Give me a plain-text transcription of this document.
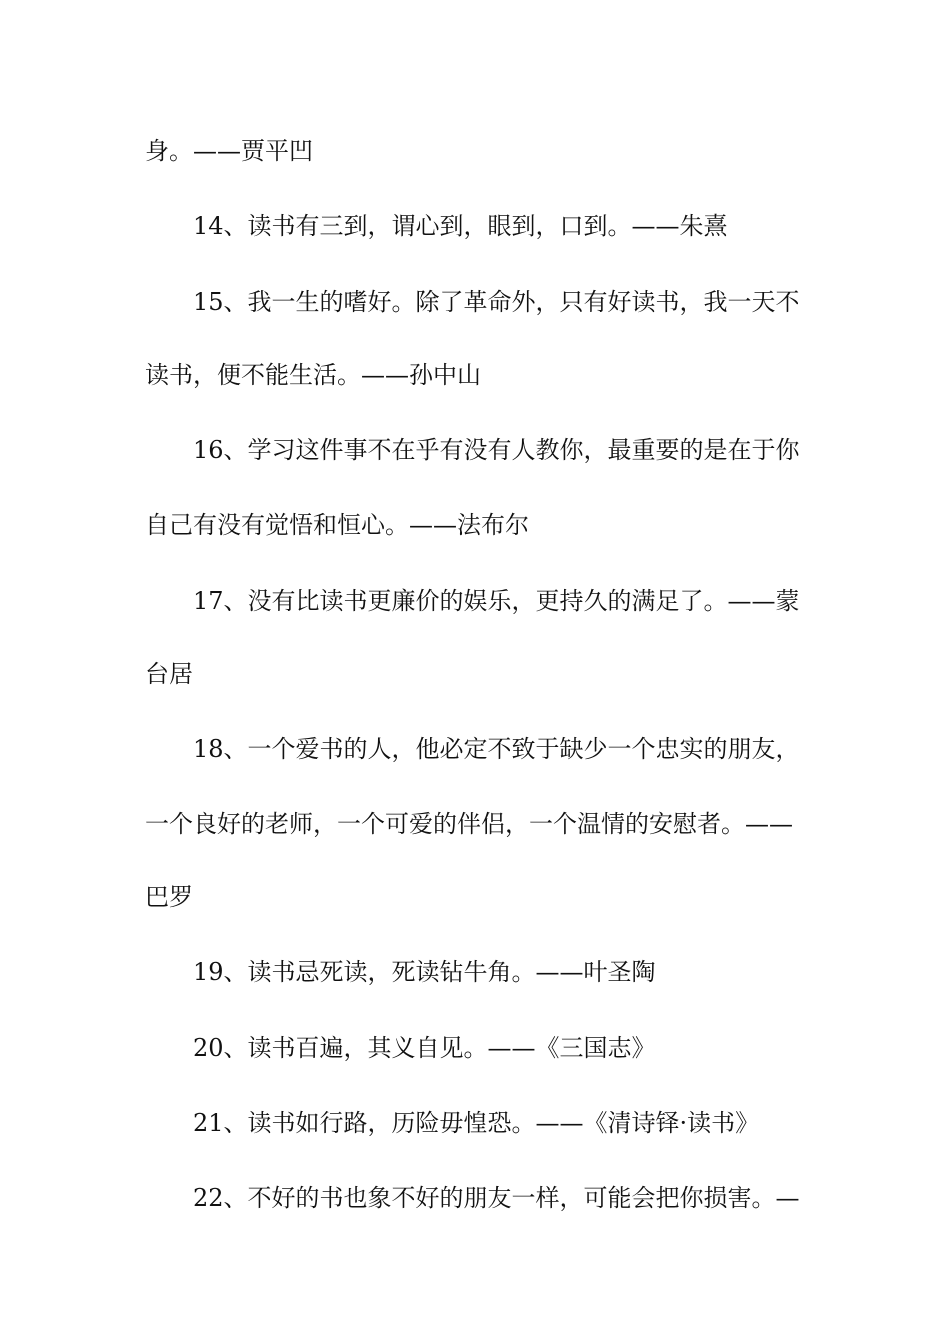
身。——贾平凹
14、读书有三到，谓心到，眼到，口到。——朱熹
15、我一生的嗜好。除了革命外，只有好读书，我一天不
读书，便不能生活。——孙中山
16、学习这件事不在乎有没有人教你，最重要的是在于你
自己有没有觉悟和恒心。——法布尔
17、没有比读书更廉价的娱乐，更持久的满足了。——蒙
台居
18、一个爱书的人，他必定不致于缺少一个忠实的朋友，
一个良好的老师，一个可爱的伴侣，一个温情的安慰者。——
巴罗
19、读书忌死读，死读钻牛角。——叶圣陶
20、读书百遍，其义自见。——《三国志》
21、读书如行路，历险毋惶恐。——《清诗铎·读书》
22、不好的书也象不好的朋友一样，可能会把你损害。—
